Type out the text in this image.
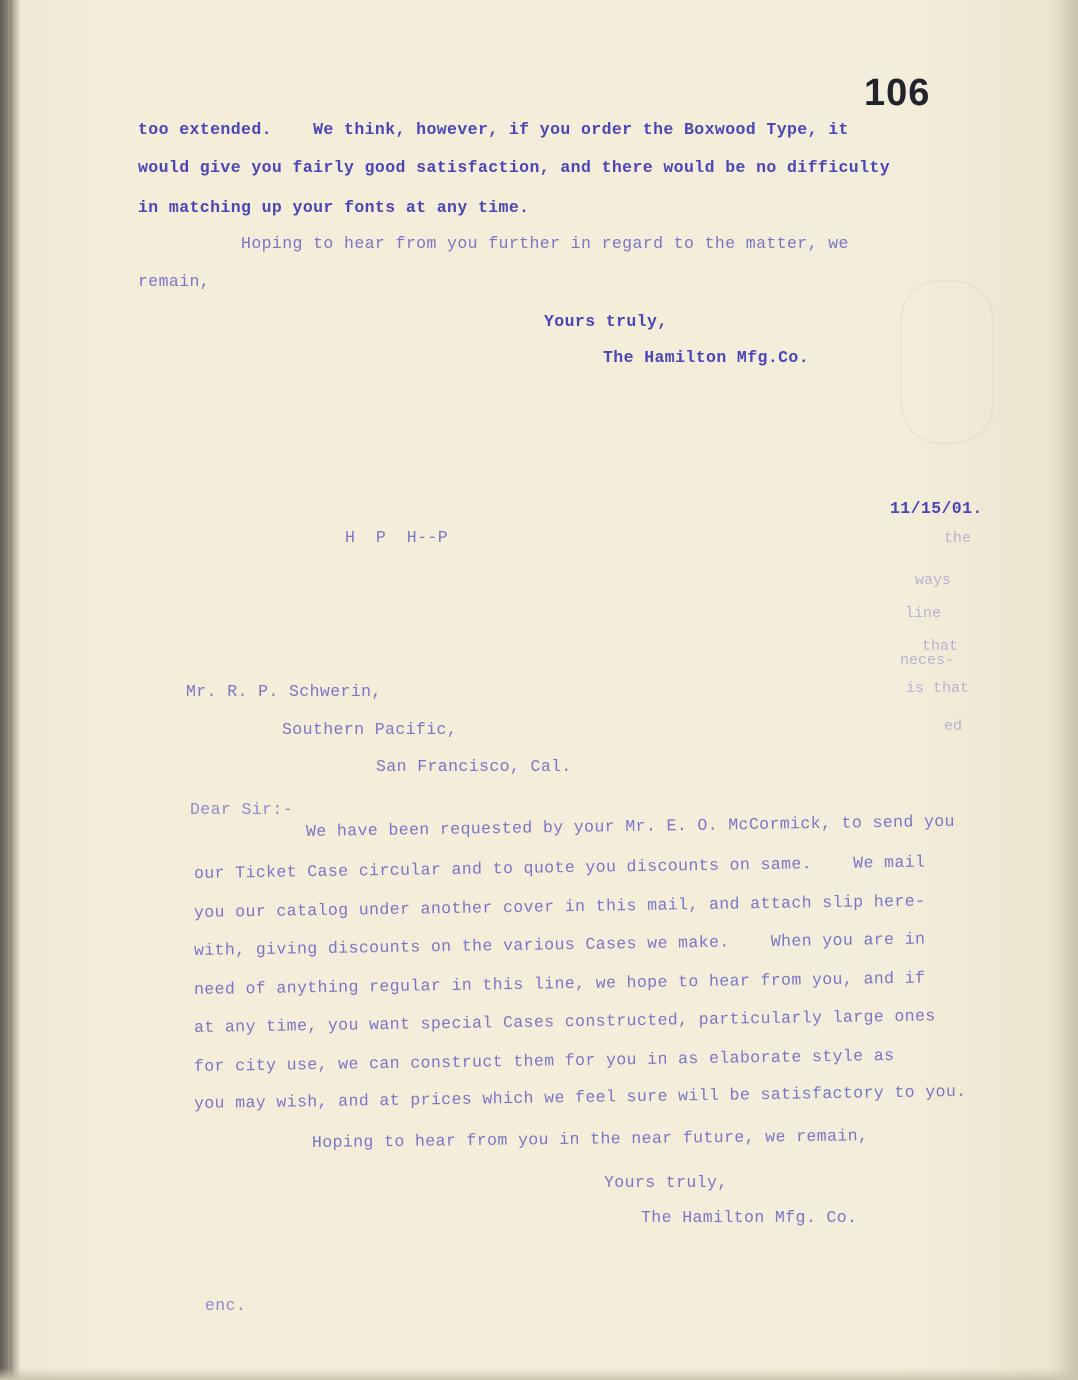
106
too extended.    We think, however, if you order the Boxwood Type, it
would give you fairly good satisfaction, and there would be no difficulty
in matching up your fonts at any time.
Hoping to hear from you further in regard to the matter, we
remain,
Yours truly,
The Hamilton Mfg.Co.
11/15/01.
H  P  H--P	the
ways
line
that
neces-
is that
ed
Mr. R. P. Schwerin,
Southern Pacific,
San Francisco, Cal.
Dear Sir:-
We have been requested by your Mr. E. O. McCormick, to send you
our Ticket Case circular and to quote you discounts on same.    We mail
you our catalog under another cover in this mail, and attach slip here-
with, giving discounts on the various Cases we make.    When you are in
need of anything regular in this line, we hope to hear from you, and if
at any time, you want special Cases constructed, particularly large ones
for city use, we can construct them for you in as elaborate style as
you may wish, and at prices which we feel sure will be satisfactory to you.
Hoping to hear from you in the near future, we remain,
Yours truly,
The Hamilton Mfg. Co.
enc.
